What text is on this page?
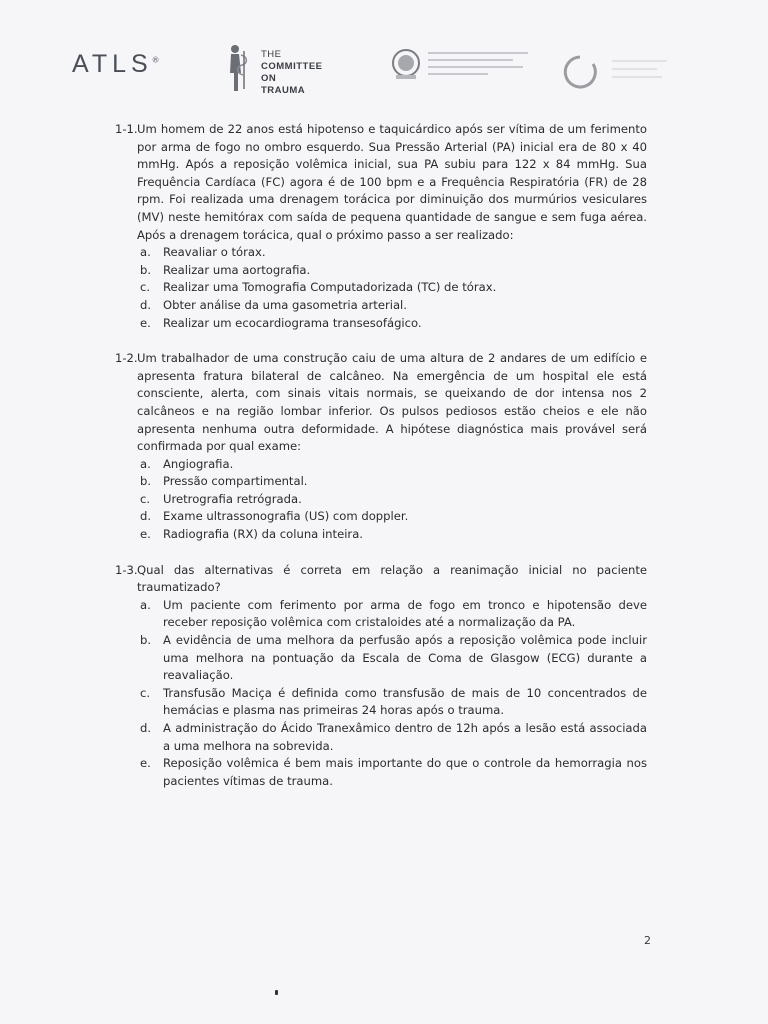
ATLS®
THE
COMMITTEE
ON TRAUMA
1-1. Um homem de 22 anos está hipotenso e taquicárdico após ser vítima de um ferimento por arma de fogo no ombro esquerdo. Sua Pressão Arterial (PA) inicial era de 80 x 40 mmHg. Após a reposição volêmica inicial, sua PA subiu para 122 x 84 mmHg. Sua Frequência Cardíaca (FC) agora é de 100 bpm e a Frequência Respiratória (FR) de 28 rpm. Foi realizada uma drenagem torácica por diminuição dos murmúrios vesiculares (MV) neste hemitórax com saída de pequena quantidade de sangue e sem fuga aérea. Após a drenagem torácica, qual o próximo passo a ser realizado:
a. Reavaliar o tórax.
b. Realizar uma aortografia.
c. Realizar uma Tomografia Computadorizada (TC) de tórax.
d. Obter análise da uma gasometria arterial.
e. Realizar um ecocardiograma transesofágico.
1-2. Um trabalhador de uma construção caiu de uma altura de 2 andares de um edifício e apresenta fratura bilateral de calcâneo. Na emergência de um hospital ele está consciente, alerta, com sinais vitais normais, se queixando de dor intensa nos 2 calcâneos e na região lombar inferior. Os pulsos pediosos estão cheios e ele não apresenta nenhuma outra deformidade. A hipótese diagnóstica mais provável será confirmada por qual exame:
a. Angiografia.
b. Pressão compartimental.
c. Uretrografia retrógrada.
d. Exame ultrassonografia (US) com doppler.
e. Radiografia (RX) da coluna inteira.
1-3. Qual das alternativas é correta em relação a reanimação inicial no paciente traumatizado?
a. Um paciente com ferimento por arma de fogo em tronco e hipotensão deve receber reposição volêmica com cristaloides até a normalização da PA.
b. A evidência de uma melhora da perfusão após a reposição volêmica pode incluir uma melhora na pontuação da Escala de Coma de Glasgow (ECG) durante a reavaliação.
c. Transfusão Maciça é definida como transfusão de mais de 10 concentrados de hemácias e plasma nas primeiras 24 horas após o trauma.
d. A administração do Ácido Tranexâmico dentro de 12h após a lesão está associada a uma melhora na sobrevida.
e. Reposição volêmica é bem mais importante do que o controle da hemorragia nos pacientes vítimas de trauma.
2
